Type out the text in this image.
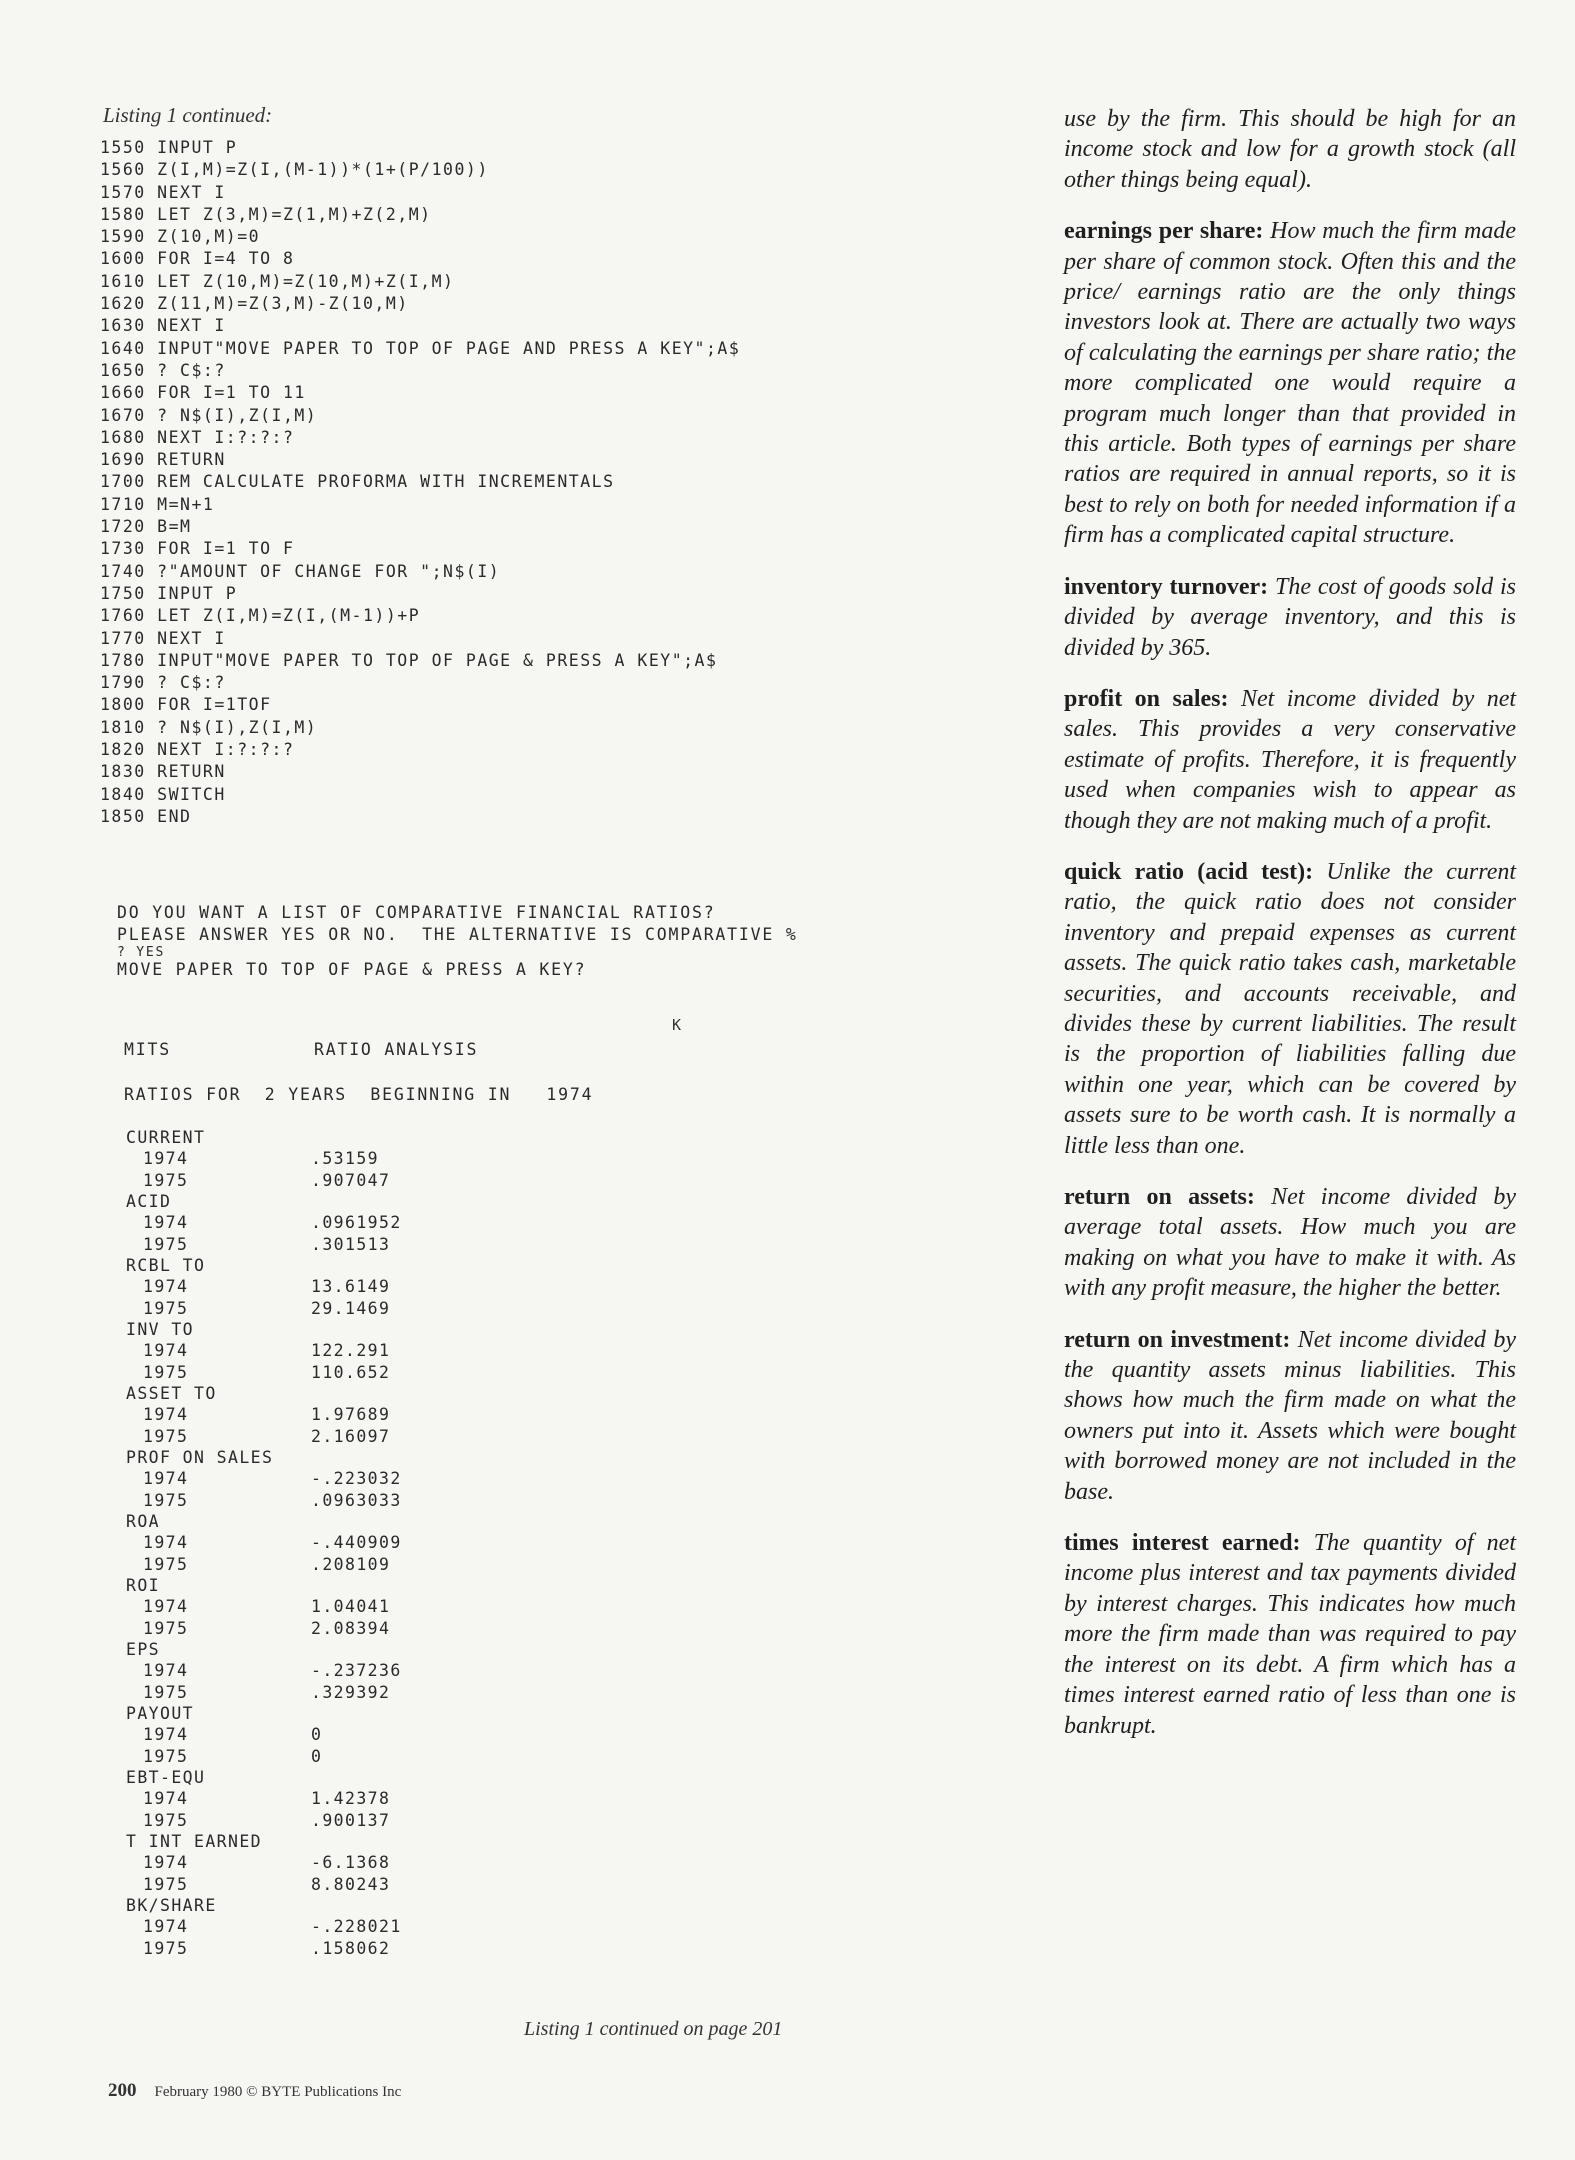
Listing 1 continued:
1550 INPUT P
1560 Z(I,M)=Z(I,(M-1))*(1+(P/100))
1570 NEXT I
1580 LET Z(3,M)=Z(1,M)+Z(2,M)
1590 Z(10,M)=0
1600 FOR I=4 TO 8
1610 LET Z(10,M)=Z(10,M)+Z(I,M)
1620 Z(11,M)=Z(3,M)-Z(10,M)
1630 NEXT I
1640 INPUT"MOVE PAPER TO TOP OF PAGE AND PRESS A KEY";A$
1650 ? C$:?
1660 FOR I=1 TO 11
1670 ? N$(I),Z(I,M)
1680 NEXT I:?:?:?
1690 RETURN
1700 REM CALCULATE PROFORMA WITH INCREMENTALS
1710 M=N+1
1720 B=M
1730 FOR I=1 TO F
1740 ?"AMOUNT OF CHANGE FOR ";N$(I)
1750 INPUT P
1760 LET Z(I,M)=Z(I,(M-1))+P
1770 NEXT I
1780 INPUT"MOVE PAPER TO TOP OF PAGE & PRESS A KEY";A$
1790 ? C$:?
1800 FOR I=1TOF
1810 ? N$(I),Z(I,M)
1820 NEXT I:?:?:?
1830 RETURN
1840 SWITCH
1850 END
DO YOU WANT A LIST OF COMPARATIVE FINANCIAL RATIOS?
PLEASE ANSWER YES OR NO.  THE ALTERNATIVE IS COMPARATIVE %
? YES
MOVE PAPER TO TOP OF PAGE & PRESS A KEY?
K
MITS	RATIO ANALYSIS
RATIOS FOR  2 YEARS  BEGINNING IN   1974
CURRENT
1974	.53159
1975	.907047
ACID
1974	.0961952
1975	.301513
RCBL TO
1974	13.6149
1975	29.1469
INV TO
1974	122.291
1975	110.652
ASSET TO
1974	1.97689
1975	2.16097
PROF ON SALES
1974	-.223032
1975	.0963033
ROA
1974	-.440909
1975	.208109
ROI
1974	1.04041
1975	2.08394
EPS
1974	-.237236
1975	.329392
PAYOUT
1974	0
1975	0
EBT-EQU
1974	1.42378
1975	.900137
T INT EARNED
1974	-6.1368
1975	8.80243
BK/SHARE
1974	-.228021
1975	.158062
Listing 1 continued on page 201
200 February 1980 © BYTE Publications Inc

use by the firm. This should be high for an income stock and low for a growth stock (all other things being equal).

earnings per share: How much the firm made per share of common stock. Often this and the price/ earnings ratio are the only things investors look at. There are actually two ways of calculating the earnings per share ratio; the more complicated one would require a program much longer than that provided in this article. Both types of earnings per share ratios are required in annual reports, so it is best to rely on both for needed information if a firm has a complicated capital structure.

inventory turnover: The cost of goods sold is divided by average inventory, and this is divided by 365.

profit on sales: Net income divided by net sales. This provides a very conservative estimate of profits. Therefore, it is frequently used when companies wish to appear as though they are not making much of a profit.

quick ratio (acid test): Unlike the current ratio, the quick ratio does not consider inventory and prepaid expenses as current assets. The quick ratio takes cash, marketable securities, and accounts receivable, and divides these by current liabilities. The result is the proportion of liabilities falling due within one year, which can be covered by assets sure to be worth cash. It is normally a little less than one.

return on assets: Net income divided by average total assets. How much you are making on what you have to make it with. As with any profit measure, the higher the better.

return on investment: Net income divided by the quantity assets minus liabilities. This shows how much the firm made on what the owners put into it. Assets which were bought with borrowed money are not included in the base.

times interest earned: The quantity of net income plus interest and tax payments divided by interest charges. This indicates how much more the firm made than was required to pay the interest on its debt. A firm which has a times interest earned ratio of less than one is bankrupt.
